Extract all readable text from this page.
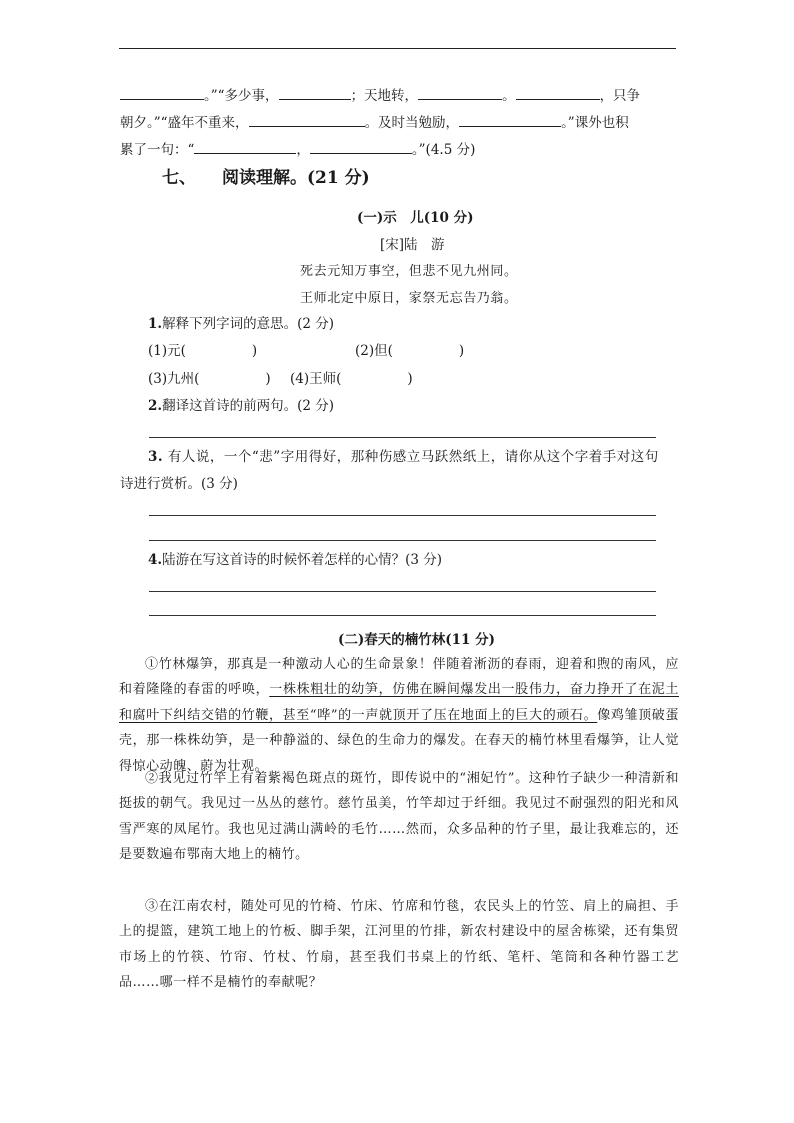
。”“多少事，	；天地转，	。	，只争
朝夕。”“盛年不重来，	。及时当勉励，	。”课外也积
累了一句：“	，	。”(4.5 分)
七、 阅读理解。(21 分)
(一)示　儿(10 分)
[宋]陆　游
死去元知万事空，但悲不见九州同。
王师北定中原日，家祭无忘告乃翁。
1.解释下列字词的意思。(2 分)
(1)元(	)	(2)但(	)
(3)九州(	) (4)王师(	)
2.翻译这首诗的前两句。(2 分)
3. 有人说，一个“悲”字用得好，那种伤感立马跃然纸上，请你从这个字着手对这句
诗进行赏析。(3 分)
4.陆游在写这首诗的时候怀着怎样的心情？(3 分)
(二)春天的楠竹林(11 分)
①竹林爆笋，那真是一种激动人心的生命景象！伴随着淅沥的春雨，迎着和煦的南风，应和着隆隆的春雷的呼唤，一株株粗壮的幼笋，仿佛在瞬间爆发出一股伟力，奋力挣开了在泥土和腐叶下纠结交错的竹鞭，甚至“哗”的一声就顶开了压在地面上的巨大的顽石。像鸡雏顶破蛋壳，那一株株幼笋，是一种静溢的、绿色的生命力的爆发。在春天的楠竹林里看爆笋，让人觉得惊心动魄、蔚为壮观。
②我见过竹竿上有着紫褐色斑点的斑竹，即传说中的“湘妃竹”。这种竹子缺少一种清新和挺拔的朝气。我见过一丛丛的慈竹。慈竹虽美，竹竿却过于纤细。我见过不耐强烈的阳光和风雪严寒的凤尾竹。我也见过满山满岭的毛竹……然而，众多品种的竹子里，最让我难忘的，还是要数遍布鄂南大地上的楠竹。
③在江南农村，随处可见的竹椅、竹床、竹席和竹毯，农民头上的竹笠、肩上的扁担、手上的提篮，建筑工地上的竹板、脚手架，江河里的竹排，新农村建设中的屋舍栋梁，还有集贸市场上的竹筷、竹帘、竹杖、竹扇，甚至我们书桌上的竹纸、笔杆、笔筒和各种竹器工艺品……哪一样不是楠竹的奉献呢？
